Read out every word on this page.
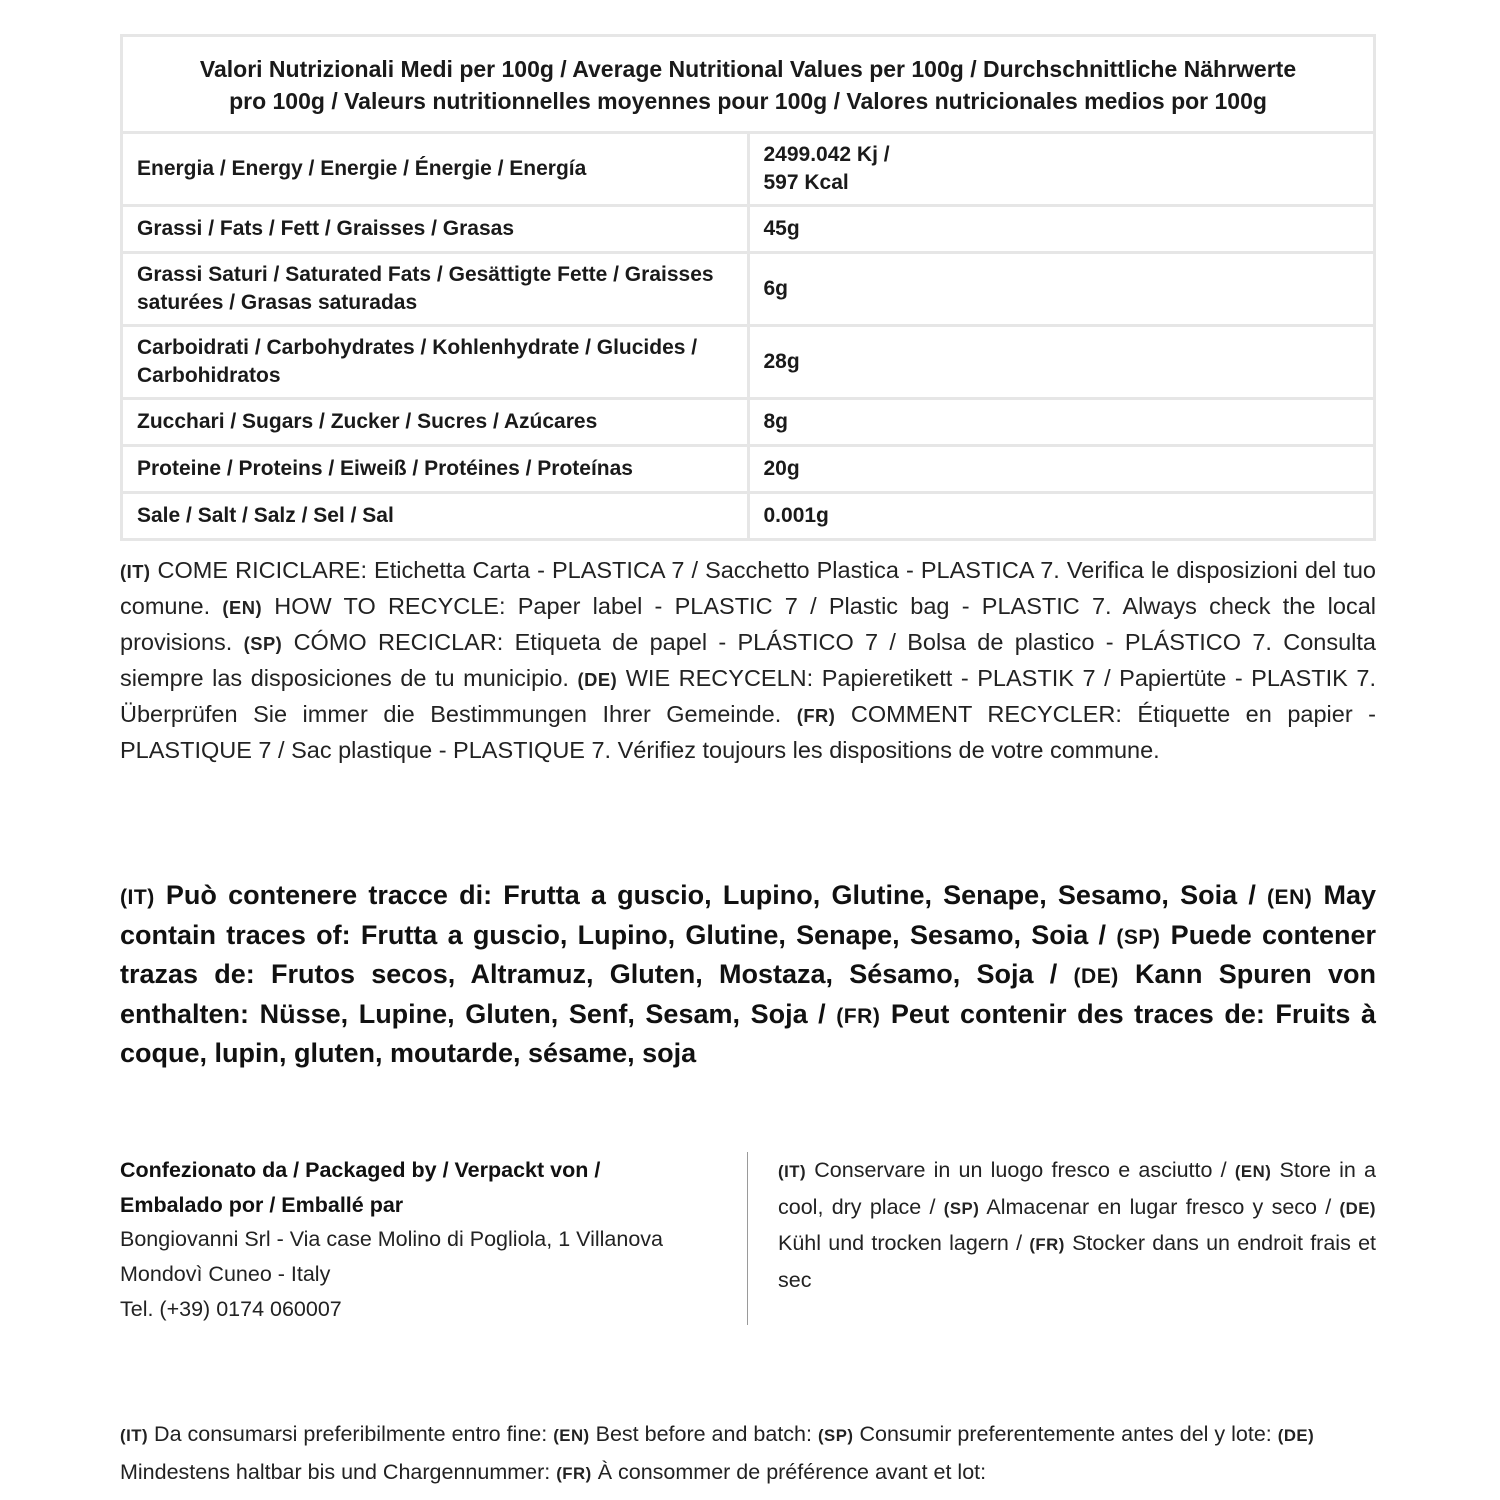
Valori Nutrizionali Medi per 100g / Average Nutritional Values per 100g / Durchschnittliche Nährwerte
pro 100g / Valeurs nutritionnelles moyennes pour 100g / Valores nutricionales medios por 100g	
Energia / Energy / Energie / Énergie / Energía	2499.042 Kj /
597 Kcal
Grassi / Fats / Fett / Graisses / Grasas	45g
Grassi Saturi / Saturated Fats / Gesättigte Fette / Graisses saturées / Grasas saturadas	6g
Carboidrati / Carbohydrates / Kohlenhydrate / Glucides / Carbohidratos	28g
Zucchari / Sugars / Zucker / Sucres / Azúcares	8g
Proteine / Proteins / Eiweiß / Protéines / Proteínas	20g
Sale / Salt / Salz / Sel / Sal	0.001g

(IT) COME RICICLARE: Etichetta Carta - PLASTICA 7 / Sacchetto Plastica - PLASTICA 7. Verifica le disposizioni del tuo comune. (EN) HOW TO RECYCLE: Paper label - PLASTIC 7 / Plastic bag - PLASTIC 7. Always check the local provisions. (SP) CÓMO RECICLAR: Etiqueta de papel - PLÁSTICO 7 / Bolsa de plastico - PLÁSTICO 7. Consulta siempre las disposiciones de tu municipio. (DE) WIE RECYCELN: Papieretikett - PLASTIK 7 / Papiertüte - PLASTIK 7. Überprüfen Sie immer die Bestimmungen Ihrer Gemeinde. (FR) COMMENT RECYCLER: Étiquette en papier - PLASTIQUE 7 / Sac plastique - PLASTIQUE 7. Vérifiez toujours les dispositions de votre commune.

(IT) Può contenere tracce di: Frutta a guscio, Lupino, Glutine, Senape, Sesamo, Soia / (EN) May contain traces of: Frutta a guscio, Lupino, Glutine, Senape, Sesamo, Soia / (SP) Puede contener trazas de: Frutos secos, Altramuz, Gluten, Mostaza, Sésamo, Soja / (DE) Kann Spuren von enthalten: Nüsse, Lupine, Gluten, Senf, Sesam, Soja / (FR) Peut contenir des traces de: Fruits à coque, lupin, gluten, moutarde, sésame, soja

Confezionato da / Packaged by / Verpackt von /
Embalado por / Emballé par
Bongiovanni Srl - Via case Molino di Pogliola, 1 Villanova
Mondovì Cuneo - Italy
Tel. (+39) 0174 060007
(IT) Conservare in un luogo fresco e asciutto / (EN) Store in a cool, dry place / (SP) Almacenar en lugar fresco y seco / (DE) Kühl und trocken lagern / (FR) Stocker dans un endroit frais et sec

(IT) Da consumarsi preferibilmente entro fine: (EN) Best before and batch: (SP) Consumir preferentemente antes del y lote: (DE) Mindestens haltbar bis und Chargennummer: (FR) À consommer de préférence avant et lot:
